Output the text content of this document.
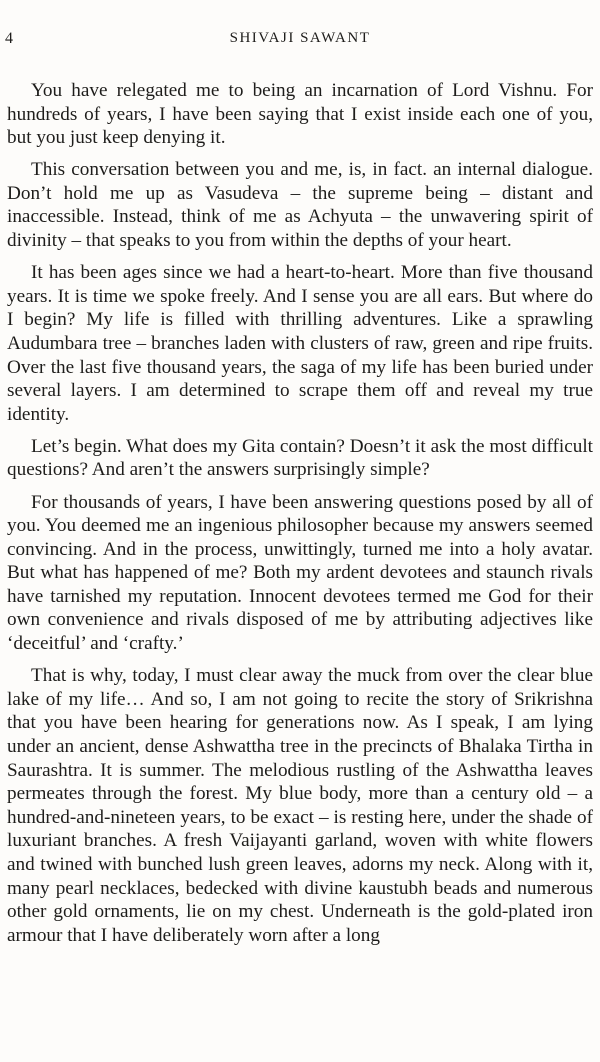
4	SHIVAJI SAWANT

You have relegated me to being an incarnation of Lord Vishnu. For hundreds of years, I have been saying that I exist inside each one of you, but you just keep denying it.

This conversation between you and me, is, in fact. an internal dialogue. Don’t hold me up as Vasudeva – the supreme being – distant and inaccessible. Instead, think of me as Achyuta – the unwavering spirit of divinity – that speaks to you from within the depths of your heart.

It has been ages since we had a heart-to-heart. More than five thousand years. It is time we spoke freely. And I sense you are all ears. But where do I begin? My life is filled with thrilling adventures. Like a sprawling Audumbara tree – branches laden with clusters of raw, green and ripe fruits. Over the last five thousand years, the saga of my life has been buried under several layers. I am determined to scrape them off and reveal my true identity.

Let’s begin. What does my Gita contain? Doesn’t it ask the most difficult questions? And aren’t the answers surprisingly simple?

For thousands of years, I have been answering questions posed by all of you. You deemed me an ingenious philosopher because my answers seemed convincing. And in the process, unwittingly, turned me into a holy avatar. But what has happened of me? Both my ardent devotees and staunch rivals have tarnished my reputation. Innocent devotees termed me God for their own convenience and rivals disposed of me by attributing adjectives like ‘deceitful’ and ‘crafty.’

That is why, today, I must clear away the muck from over the clear blue lake of my life… And so, I am not going to recite the story of Srikrishna that you have been hearing for generations now. As I speak, I am lying under an ancient, dense Ashwattha tree in the precincts of Bhalaka Tirtha in Saurashtra. It is summer. The melodious rustling of the Ashwattha leaves permeates through the forest. My blue body, more than a century old – a hundred-and-nineteen years, to be exact – is resting here, under the shade of luxuriant branches. A fresh Vaijayanti garland, woven with white flowers and twined with bunched lush green leaves, adorns my neck. Along with it, many pearl necklaces, bedecked with divine kaustubh beads and numerous other gold ornaments, lie on my chest. Underneath is the gold-plated iron armour that I have deliberately worn after a long
